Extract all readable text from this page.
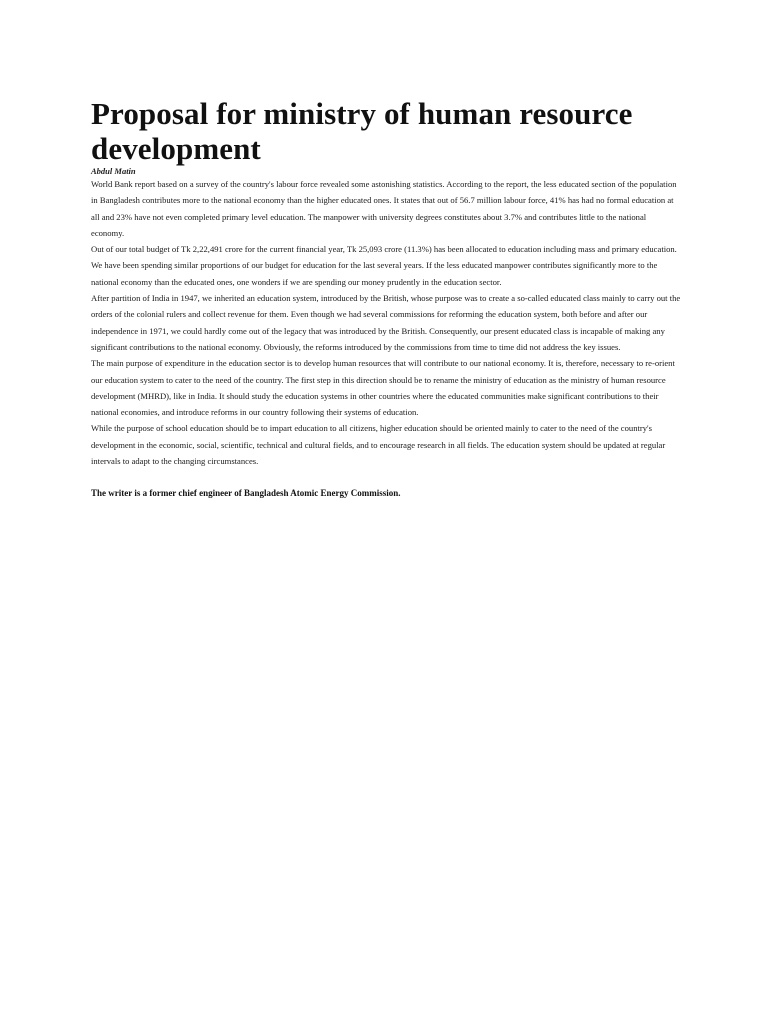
Proposal for ministry of human resource development

Abdul Matin

World Bank report based on a survey of the country's labour force revealed some astonishing statistics. According to the report, the less educated section of the population in Bangladesh contributes more to the national economy than the higher educated ones. It states that out of 56.7 million labour force, 41% has had no formal education at all and 23% have not even completed primary level education. The manpower with university degrees constitutes about 3.7% and contributes little to the national economy.

Out of our total budget of Tk 2,22,491 crore for the current financial year, Tk 25,093 crore (11.3%) has been allocated to education including mass and primary education. We have been spending similar proportions of our budget for education for the last several years. If the less educated manpower contributes significantly more to the national economy than the educated ones, one wonders if we are spending our money prudently in the education sector.

After partition of India in 1947, we inherited an education system, introduced by the British, whose purpose was to create a so-called educated class mainly to carry out the orders of the colonial rulers and collect revenue for them. Even though we had several commissions for reforming the education system, both before and after our independence in 1971, we could hardly come out of the legacy that was introduced by the British. Consequently, our present educated class is incapable of making any significant contributions to the national economy. Obviously, the reforms introduced by the commissions from time to time did not address the key issues.

The main purpose of expenditure in the education sector is to develop human resources that will contribute to our national economy. It is, therefore, necessary to re-orient our education system to cater to the need of the country. The first step in this direction should be to rename the ministry of education as the ministry of human resource development (MHRD), like in India. It should study the education systems in other countries where the educated communities make significant contributions to their national economies, and introduce reforms in our country following their systems of education.

While the purpose of school education should be to impart education to all citizens, higher education should be oriented mainly to cater to the need of the country's development in the economic, social, scientific, technical and cultural fields, and to encourage research in all fields. The education system should be updated at regular intervals to adapt to the changing circumstances.

The writer is a former chief engineer of Bangladesh Atomic Energy Commission.
